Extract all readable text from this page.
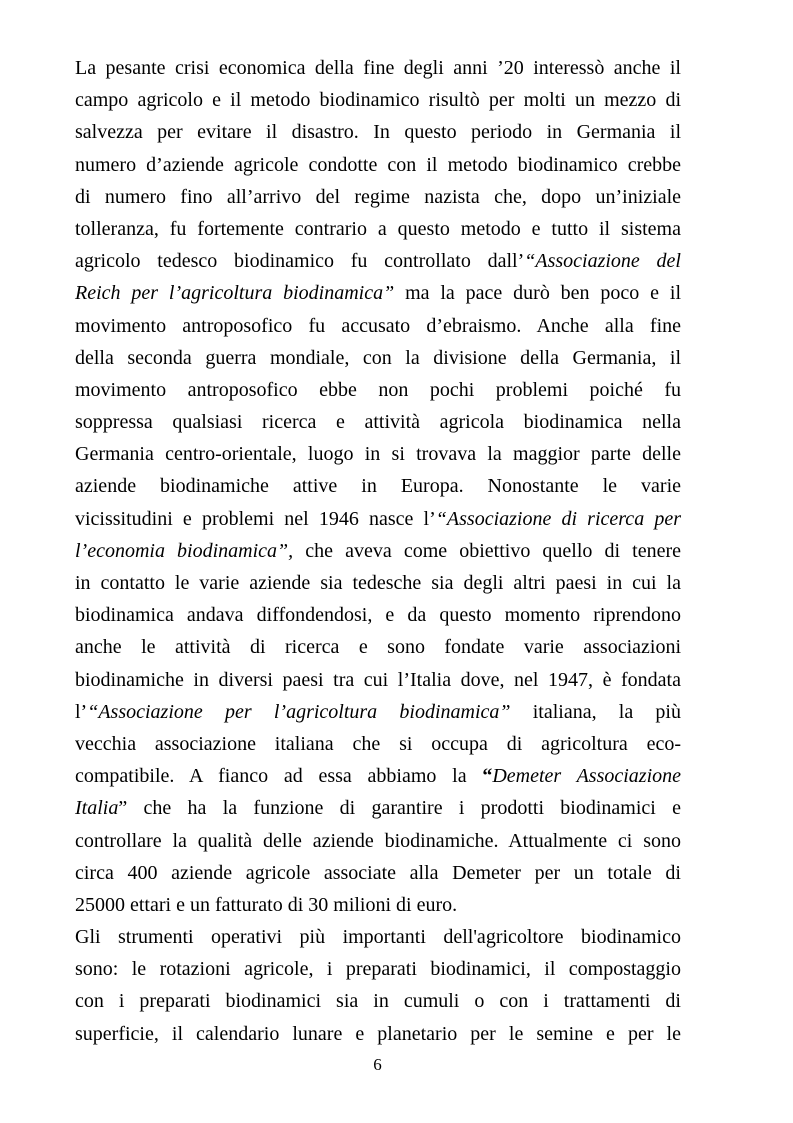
La pesante crisi economica della fine degli anni ’20 interessò anche il
campo agricolo e il metodo biodinamico risultò per molti un mezzo di
salvezza per evitare il disastro. In questo periodo in Germania il
numero d’aziende agricole condotte con il metodo biodinamico crebbe
di numero fino all’arrivo del regime nazista che, dopo un’iniziale
tolleranza, fu fortemente contrario a questo metodo e tutto il sistema
agricolo tedesco biodinamico fu controllato dall’“Associazione del
Reich per l’agricoltura biodinamica” ma la pace durò ben poco e il
movimento antroposofico fu accusato d’ebraismo. Anche alla fine
della seconda guerra mondiale, con la divisione della Germania, il
movimento antroposofico ebbe non pochi problemi poiché fu
soppressa qualsiasi ricerca e attività agricola biodinamica nella
Germania centro-orientale, luogo in si trovava la maggior parte delle
aziende biodinamiche attive in Europa. Nonostante le varie
vicissitudini e problemi nel 1946 nasce l’“Associazione di ricerca per
l’economia biodinamica”, che aveva come obiettivo quello di tenere
in contatto le varie aziende sia tedesche sia degli altri paesi in cui la
biodinamica andava diffondendosi, e da questo momento riprendono
anche le attività di ricerca e sono fondate varie associazioni
biodinamiche in diversi paesi tra cui l’Italia dove, nel 1947, è fondata
l’“Associazione per l’agricoltura biodinamica” italiana, la più
vecchia associazione italiana che si occupa di agricoltura eco-
compatibile. A fianco ad essa abbiamo la “Demeter Associazione
Italia” che ha la funzione di garantire i prodotti biodinamici e
controllare la qualità delle aziende biodinamiche. Attualmente ci sono
circa 400 aziende agricole associate alla Demeter per un totale di
25000 ettari e un fatturato di 30 milioni di euro.
Gli strumenti operativi più importanti dell'agricoltore biodinamico
sono: le rotazioni agricole, i preparati biodinamici, il compostaggio
con i preparati biodinamici sia in cumuli o con i trattamenti di
superficie, il calendario lunare e planetario per le semine e per le
6
